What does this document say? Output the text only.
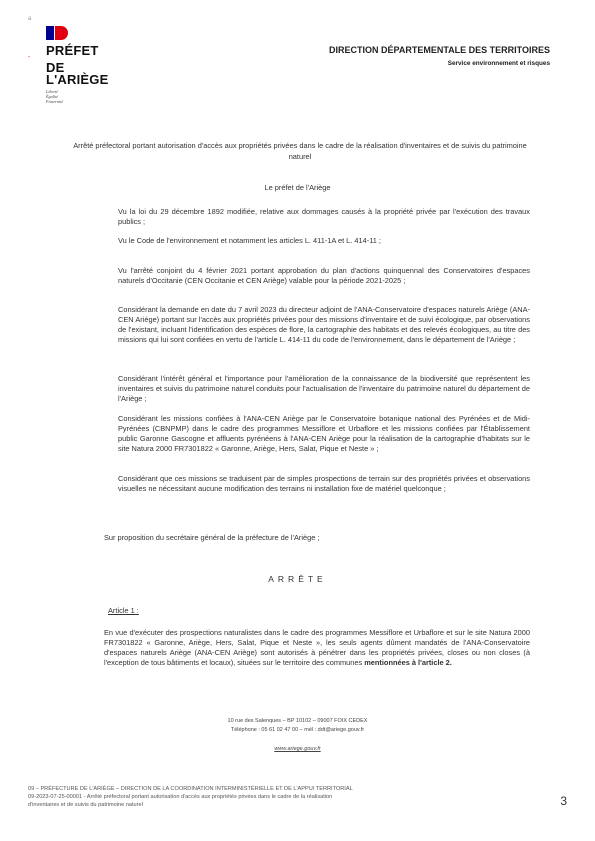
a
- PRÉFET
DE L'ARIÈGE
Liberté
Égalité
Fraternité
DIRECTION DÉPARTEMENTALE DES TERRITOIRES
Service environnement et risques
Arrêté préfectoral portant autorisation d'accès aux propriétés privées dans le cadre de la réalisation d'inventaires et de suivis du patrimoine naturel
Le préfet de l'Ariège
Vu la loi du 29 décembre 1892 modifiée, relative aux dommages causés à la propriété privée par l'exécution des travaux publics ;
Vu le Code de l'environnement et notamment les articles L. 411-1A et L. 414-11 ;
Vu l'arrêté conjoint du 4 février 2021 portant approbation du plan d'actions quinquennal des Conservatoires d'espaces naturels d'Occitanie (CEN Occitanie et CEN Ariège) valable pour la période 2021-2025 ;
Considérant la demande en date du 7 avril 2023 du directeur adjoint de l'ANA-Conservatoire d'espaces naturels Ariège (ANA-CEN Ariège) portant sur l'accès aux propriétés privées pour des missions d'inventaire et de suivi écologique, par observations de l'existant, incluant l'identification des espèces de flore, la cartographie des habitats et des relevés écologiques, au titre des missions qui lui sont confiées en vertu de l'article L. 414-11 du code de l'environnement, dans le département de l'Ariège ;
Considérant l'intérêt général et l'importance pour l'amélioration de la connaissance de la biodiversité que représentent les inventaires et suivis du patrimoine naturel conduits pour l'actualisation de l'inventaire du patrimoine naturel du département de l'Ariège ;
Considérant les missions confiées à l'ANA-CEN Ariège par le Conservatoire botanique national des Pyrénées et de Midi-Pyrénées (CBNPMP) dans le cadre des programmes Messiflore et Urbaflore et les missions confiées par l'Établissement public Garonne Gascogne et affluents pyrénéens à l'ANA-CEN Ariège pour la réalisation de la cartographie d'habitats sur le site Natura 2000 FR7301822 « Garonne, Ariège, Hers, Salat, Pique et Neste » ;
Considérant que ces missions se traduisent par de simples prospections de terrain sur des propriétés privées et observations visuelles ne nécessitant aucune modification des terrains ni installation fixe de matériel quelconque ;
Sur proposition du secrétaire général de la préfecture de l'Ariège ;
ARRÊTE
Article 1 :
En vue d'exécuter des prospections naturalistes dans le cadre des programmes Messiflore et Urbaflore et sur le site Natura 2000 FR7301822 « Garonne, Ariège, Hers, Salat, Pique et Neste », les seuls agents dûment mandatés de l'ANA-Conservatoire d'espaces naturels Ariège (ANA-CEN Ariège) sont autorisés à pénétrer dans les propriétés privées, closes ou non closes (à l'exception de tous bâtiments et locaux), situées sur le territoire des communes mentionnées à l'article 2.
10 rue des Salenques – BP 10102 – 09007 FOIX CEDEX
Téléphone : 05 61 02 47 00 – mél : ddt@ariege.gouv.fr
www.ariege.gouv.fr
09 – PRÉFECTURE DE L'ARIÈGE – DIRECTION DE LA COORDINATION INTERMINISTÉRIELLE ET DE L'APPUI TERRITORIAL
09-2023-07-25-00001 - Arrêté préfectoral portant autorisation d'accès aux propriétés privées dans le cadre de la réalisation
d'inventaires et de suivis du patrimoine naturel	3
